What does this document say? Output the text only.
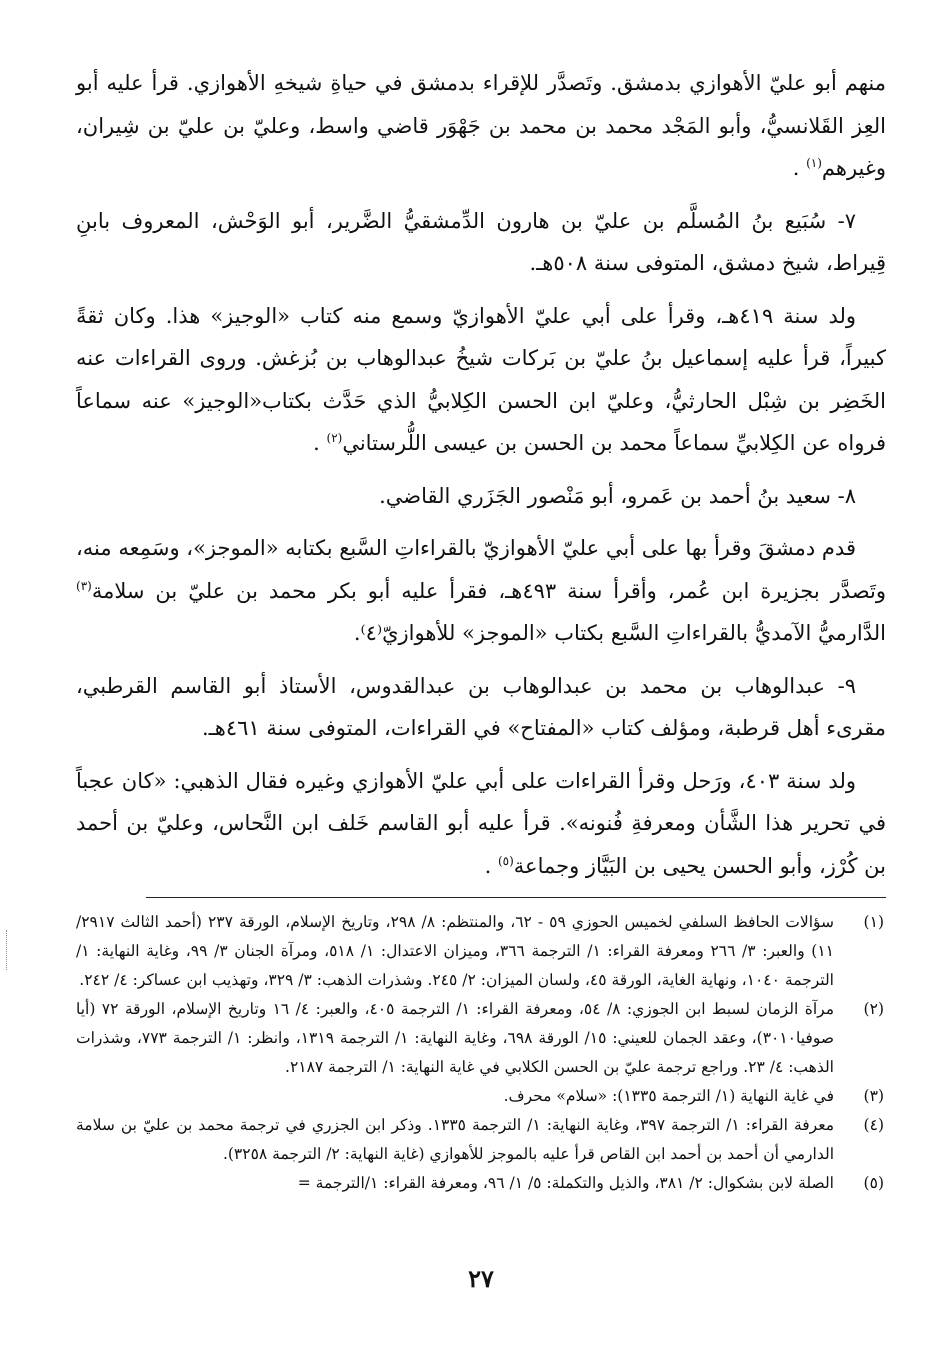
منهم أبو عليّ الأهوازي بدمشق. وتَصدَّر للإقراء بدمشق في حياةِ شيخهِ الأهوازي. قرأ عليه أبو العِز القَلانسيُّ، وأبو المَجْد محمد بن محمد بن جَهْوَر قاضي واسط، وعليّ بن عليّ بن شِيران، وغيرهم$^{(١)}$ .

٧- سُبَيع بنُ المُسلَّم بن عليّ بن هارون الدِّمشقيُّ الضَّرير، أبو الوَحْش، المعروف بابنِ قِيراط، شيخ دمشق، المتوفى سنة ٥٠٨هـ.

ولد سنة ٤١٩هـ، وقرأ على أبي عليّ الأهوازيّ وسمع منه كتاب «الوجيز» هذا. وكان ثقةً كبيراً، قرأ عليه إسماعيل بنُ عليّ بن بَركات شيخُ عبدالوهاب بن بُزغش. وروى القراءات عنه الخَضِر بن شِبْل الحارثيُّ، وعليّ ابن الحسن الكِلابيُّ الذي حَدَّث بكتاب«الوجيز» عنه سماعاً فرواه عن الكِلابيِّ سماعاً محمد بن الحسن بن عيسى اللُّرستاني$^{(٢)}$ .

٨- سعيد بنُ أحمد بن عَمرو، أبو مَنْصور الجَزَري القاضي.

قدم دمشقَ وقرأ بها على أبي عليّ الأهوازيّ بالقراءاتِ السَّبع بكتابه «الموجز»، وسَمِعه منه، وتَصدَّر بجزيرة ابن عُمر، وأقرأ سنة ٤٩٣هـ، فقرأ عليه أبو بكر محمد بن عليّ بن سلامة$^{(٣)}$ الدَّارميُّ الآمديُّ بالقراءاتِ السَّبع بكتاب «الموجز» للأهوازيّ⁽٤⁾.

٩- عبدالوهاب بن محمد بن عبدالوهاب بن عبدالقدوس، الأستاذ أبو القاسم القرطبي، مقرىء أهل قرطبة، ومؤلف كتاب «المفتاح» في القراءات، المتوفى سنة ٤٦١هـ.

ولد سنة ٤٠٣، ورَحل وقرأ القراءات على أبي عليّ الأهوازي وغيره فقال الذهبي: «كان عجباً في تحرير هذا الشَّأن ومعرفةِ فُنونه». قرأ عليه أبو القاسم خَلف ابن النَّحاس، وعليّ بن أحمد بن كُرْز، وأبو الحسن يحيى بن البَيَّاز وجماعة$^{(٥)}$ .

(١)
سؤالات الحافظ السلفي لخميس الحوزي ٥٩ - ٦٢، والمنتظم: ٨/ ٢٩٨، وتاريخ الإسلام، الورقة ٢٣٧ (أحمد الثالث ٢٩١٧/ ١١) والعبر: ٣/ ٢٦٦ ومعرفة القراء: ١/ الترجمة ٣٦٦، وميزان الاعتدال: ١/ ٥١٨، ومرآة الجنان ٣/ ٩٩، وغاية النهاية: ١/ الترجمة ١٠٤٠، ونهاية الغاية، الورقة ٤٥، ولسان الميزان: ٢/ ٢٤٥. وشذرات الذهب: ٣/ ٣٢٩، وتهذيب ابن عساكر: ٤/ ٢٤٢.
(٢)
مرآة الزمان لسبط ابن الجوزي: ٨/ ٥٤، ومعرفة القراء: ١/ الترجمة ٤٠٥، والعبر: ٤/ ١٦ وتاريخ الإسلام، الورقة ٧٢ (أيا صوفيا٣٠١٠)، وعقد الجمان للعيني: ١٥/ الورقة ٦٩٨، وغاية النهاية: ١/ الترجمة ١٣١٩، وانظر: ١/ الترجمة ٧٧٣، وشذرات الذهب: ٤/ ٢٣. وراجع ترجمة عليّ بن الحسن الكلابي في غاية النهاية: ١/ الترجمة ٢١٨٧.
(٣)
في غاية النهاية (١/ الترجمة ١٣٣٥): «سلام» محرف.
(٤)
معرفة القراء: ١/ الترجمة ٣٩٧، وغاية النهاية: ١/ الترجمة ١٣٣٥. وذكر ابن الجزري في ترجمة محمد بن عليّ بن سلامة الدارمي أن أحمد بن أحمد ابن القاص قرأ عليه بالموجز للأهوازي (غاية النهاية: ٢/ الترجمة ٣٢٥٨).
(٥)
الصلة لابن بشكوال: ٢/ ٣٨١، والذيل والتكملة: ٥/ ١/ ٩٦، ومعرفة القراء: ١/الترجمة =
٢٧
